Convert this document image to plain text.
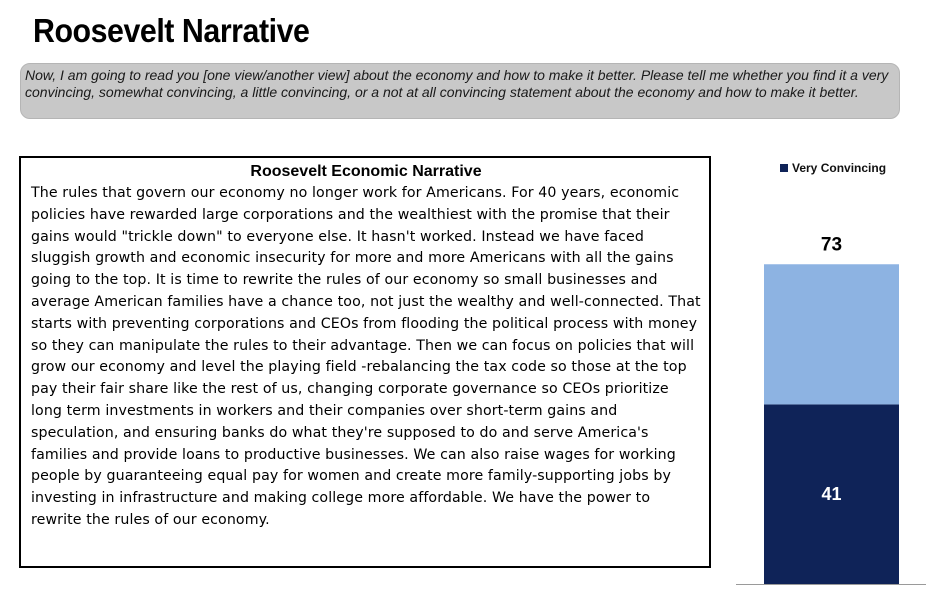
Roosevelt Narrative
Now, I am going to read you [one view/another view] about the economy and how to make it better. Please tell me whether you find it a very convincing, somewhat convincing, a little convincing, or a not at all convincing statement about the economy and how to make it better.
Roosevelt Economic Narrative
The rules that govern our economy no longer work for Americans. For 40 years, economic policies have rewarded large corporations and the wealthiest with the promise that their gains would "trickle down" to everyone else. It hasn't worked. Instead we have faced sluggish growth and economic insecurity for more and more Americans with all the gains going to the top. It is time to rewrite the rules of our economy so small businesses and average American families have a chance too, not just the wealthy and well-connected. That starts with preventing corporations and CEOs from flooding the political process with money so they can manipulate the rules to their advantage. Then we can focus on policies that will grow our economy and level the playing field -rebalancing the tax code so those at the top pay their fair share like the rest of us, changing corporate governance so CEOs prioritize long term investments in workers and their companies over short-term gains and speculation, and ensuring banks do what they're supposed to do and serve America's families and provide loans to productive businesses. We can also raise wages for working people by guaranteeing equal pay for women and create more family-supporting jobs by investing in infrastructure and making college more affordable. We have the power to rewrite the rules of our economy.
Very Convincing
41
73
